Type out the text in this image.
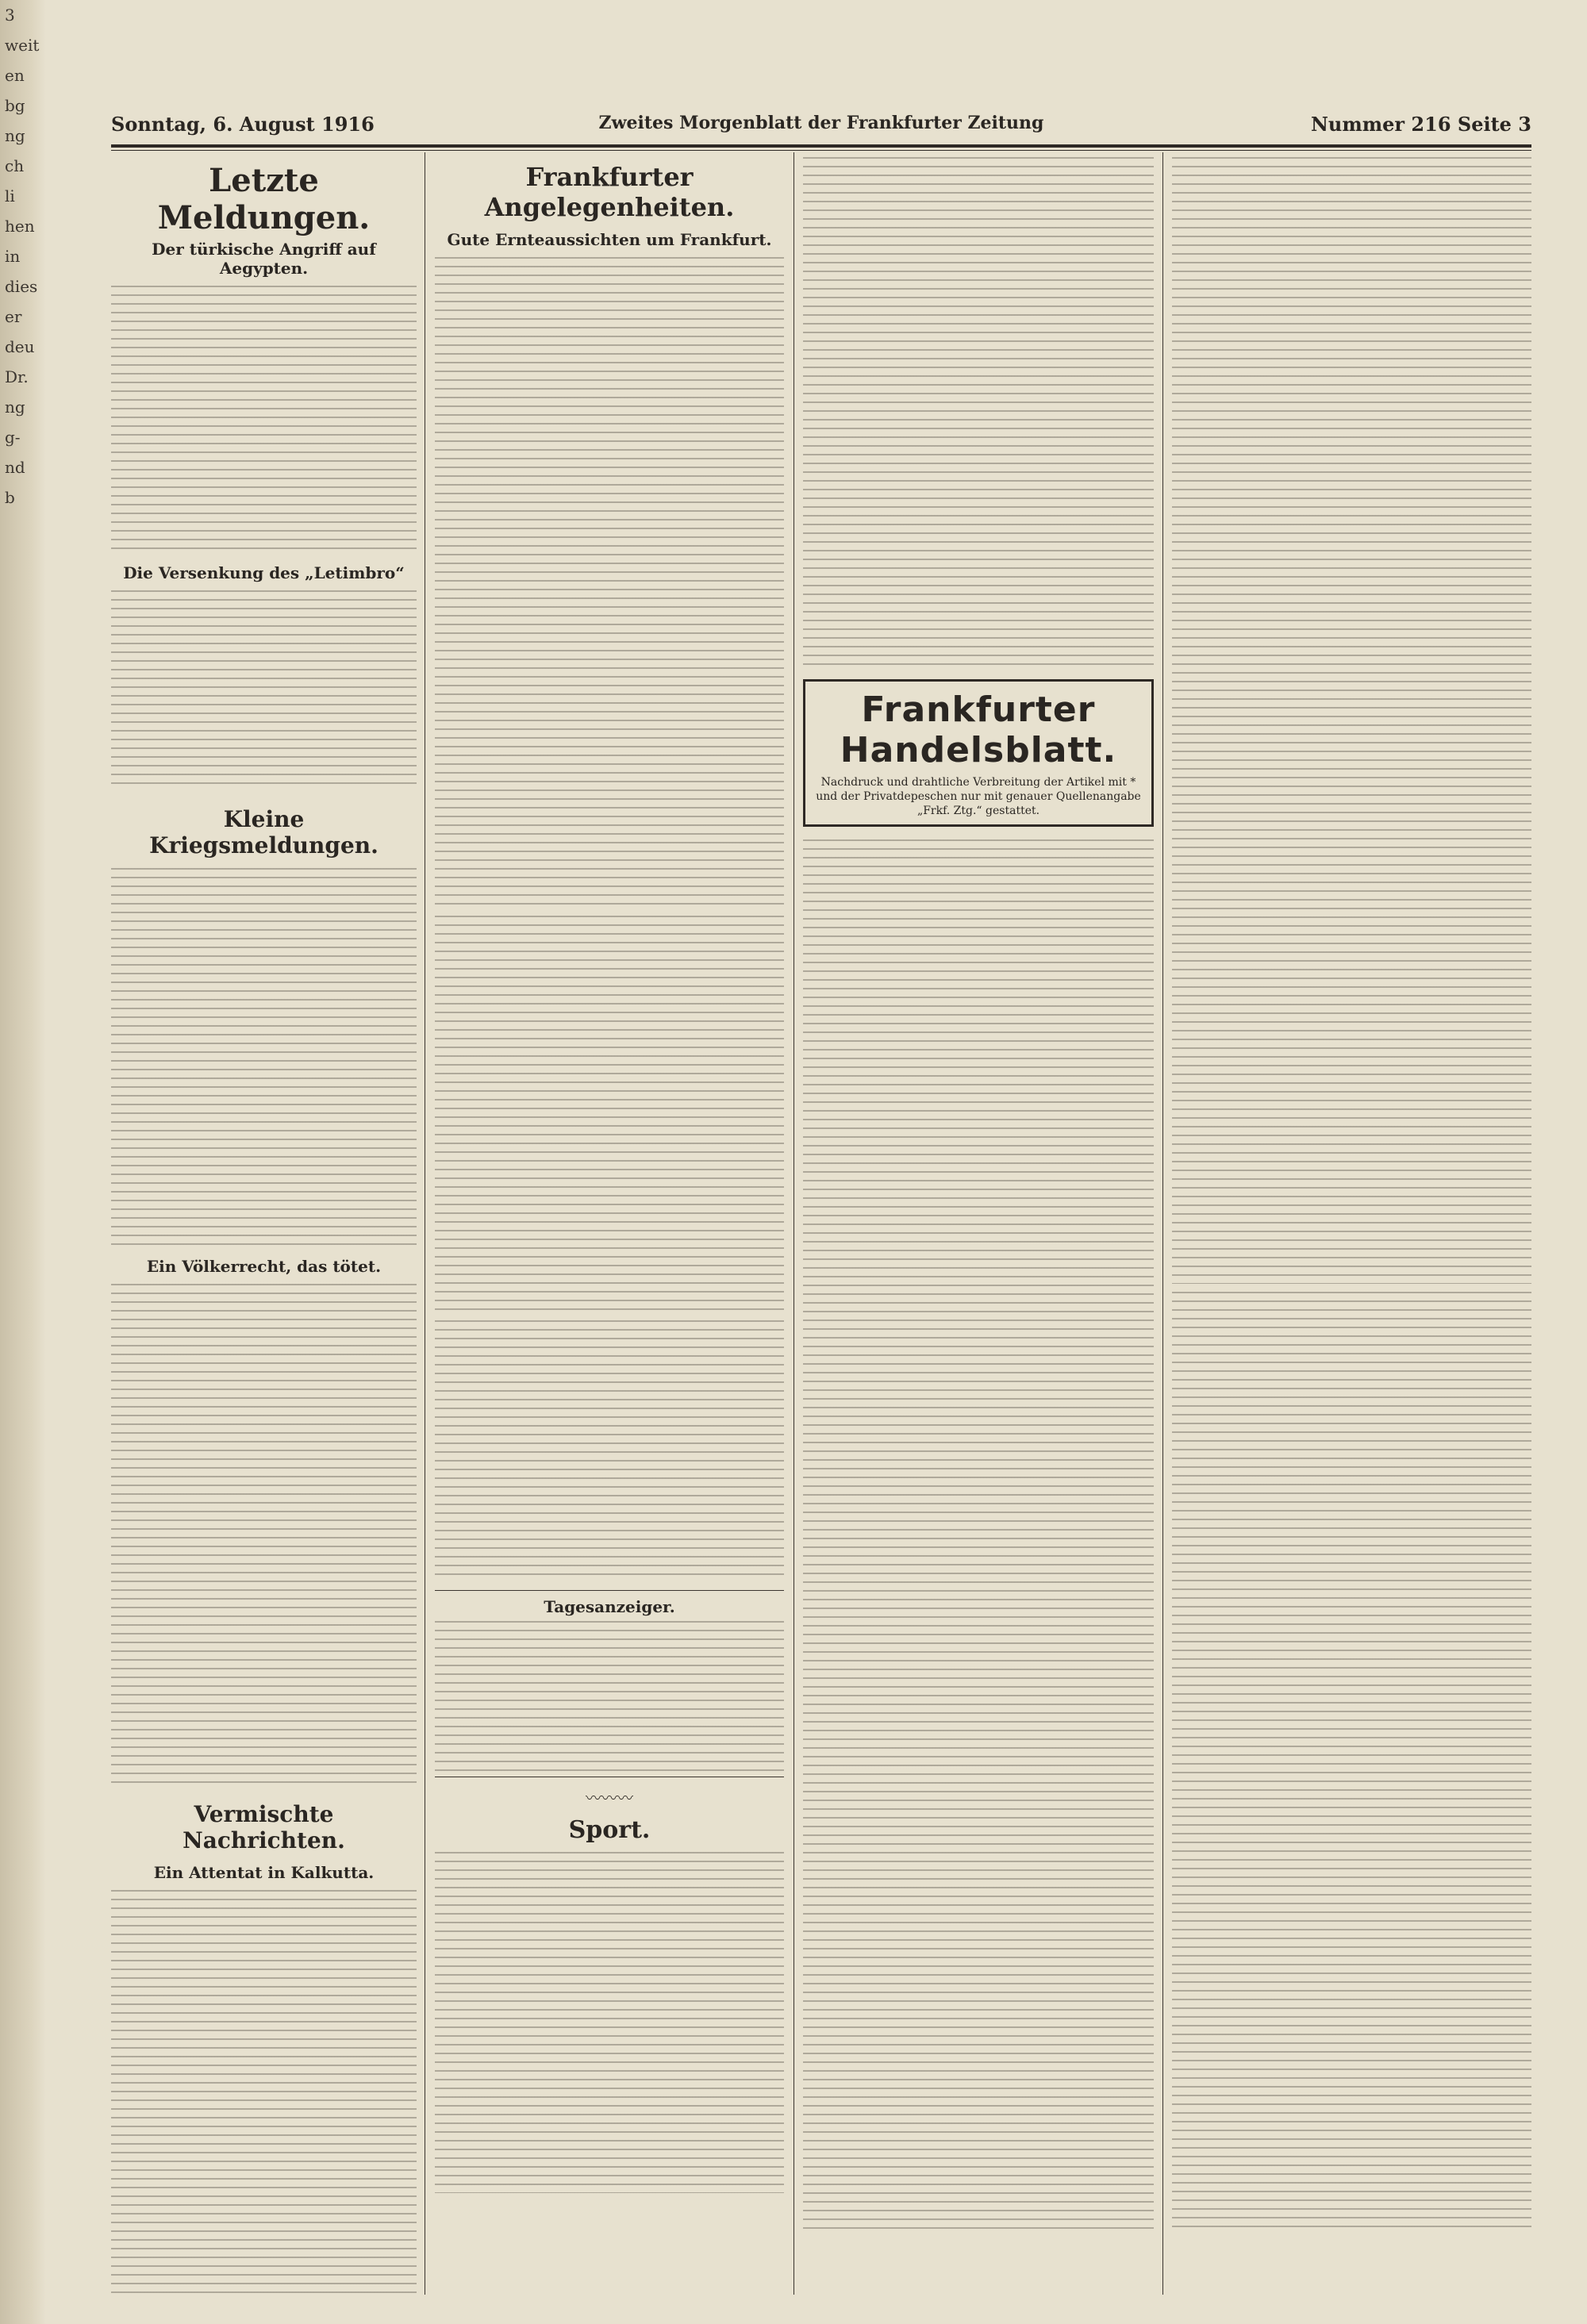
3
weit
en
bg
ng
ch
li
hen
in
dies
er
deu
Dr.
ng
g-
nd
b
Sonntag, 6. August 1916	Zweites Morgenblatt der Frankfurter Zeitung	Nummer 216 Seite 3
Letzte Meldungen.
Der türkische Angriff auf Aegypten.
Die Versenkung des „Letimbro“
Kleine Kriegsmeldungen.
Ein Völkerrecht, das tötet.
Vermischte Nachrichten.
Ein Attentat in Kalkutta.
Frankfurter Angelegenheiten.
Gute Ernteaussichten um Frankfurt.
Tagesanzeiger.
〰〰〰
Sport.
Frankfurter Handelsblatt.
Nachdruck und drahtliche Verbreitung der Artikel mit * und der Privatdepeschen nur mit genauer Quellenangabe „Frkf. Ztg.“ gestattet.
